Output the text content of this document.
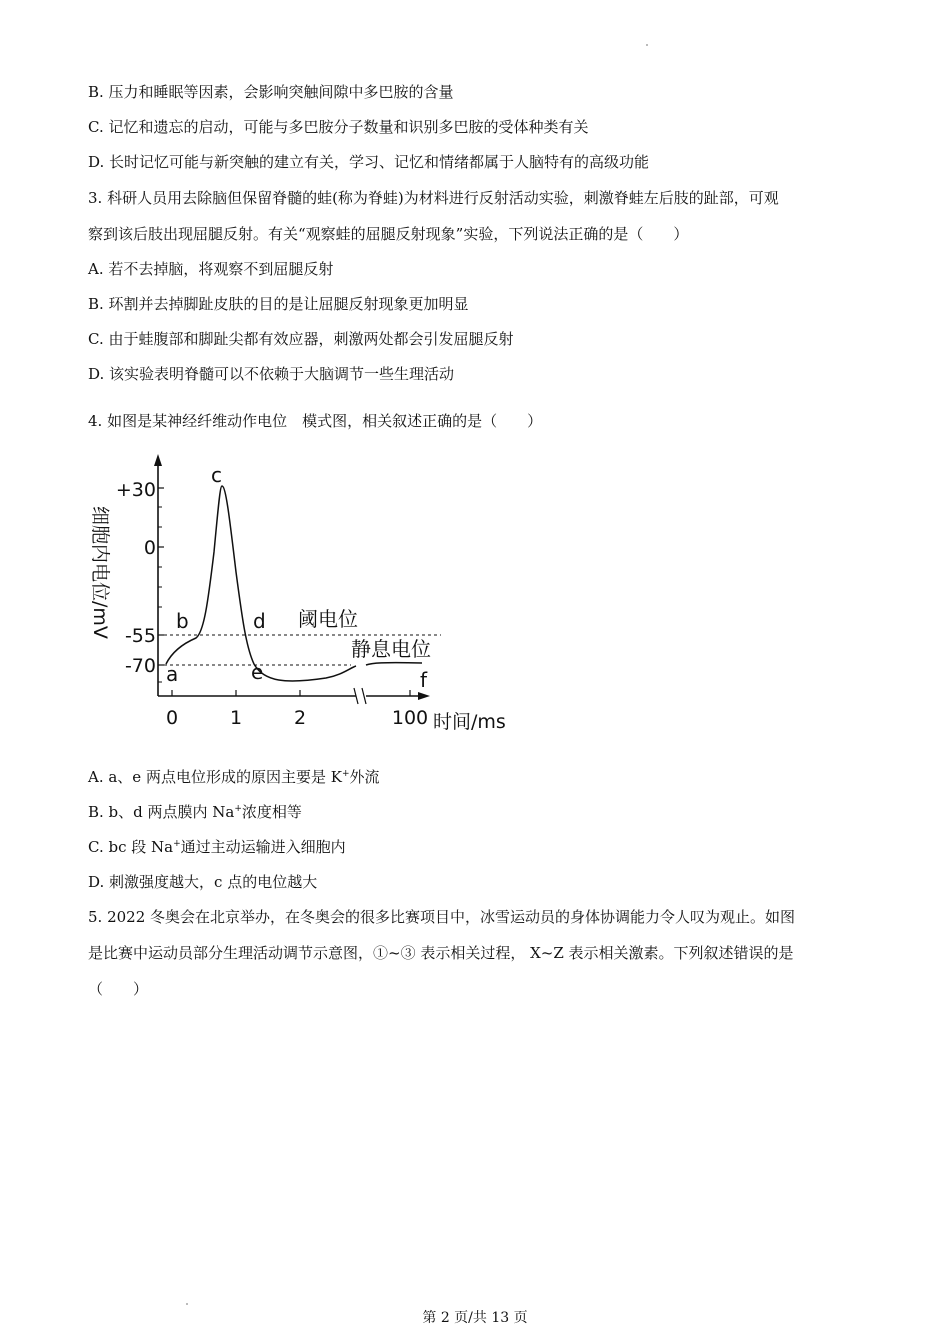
B. 压力和睡眠等因素，会影响突触间隙中多巴胺的含量
C. 记忆和遗忘的启动，可能与多巴胺分子数量和识别多巴胺的受体种类有关
D. 长时记忆可能与新突触的建立有关，学习、记忆和情绪都属于人脑特有的高级功能
3. 科研人员用去除脑但保留脊髓的蛙(称为脊蛙)为材料进行反射活动实验，刺激脊蛙左后肢的趾部，可观
察到该后肢出现屈腿反射。有关“观察蛙的屈腿反射现象”实验，下列说法正确的是（　　）
A. 若不去掉脑，将观察不到屈腿反射
B. 环割并去掉脚趾皮肤的目的是让屈腿反射现象更加明显
C. 由于蛙腹部和脚趾尖都有效应器，刺激两处都会引发屈腿反射
D. 该实验表明脊髓可以不依赖于大脑调节一些生理活动
4. 如图是某神经纤维动作电位　模式图，相关叙述正确的是（　　）
+30
0
-55
-70
0	1	2	100 时间/ms
细胞内电位/mV
a
b
c
d
e	f
阈电位
静息电位
A. a、e 两点电位形成的原因主要是 K+外流
B. b、d 两点膜内 Na+浓度相等
C. bc 段 Na+通过主动运输进入细胞内
D. 刺激强度越大，c 点的电位越大
5. 2022 冬奥会在北京举办，在冬奥会的很多比赛项目中，冰雪运动员的身体协调能力令人叹为观止。如图
是比赛中运动员部分生理活动调节示意图，①~③ 表示相关过程， X~Z 表示相关激素。下列叙述错误的是
（　　）
第 2 页/共 13 页
